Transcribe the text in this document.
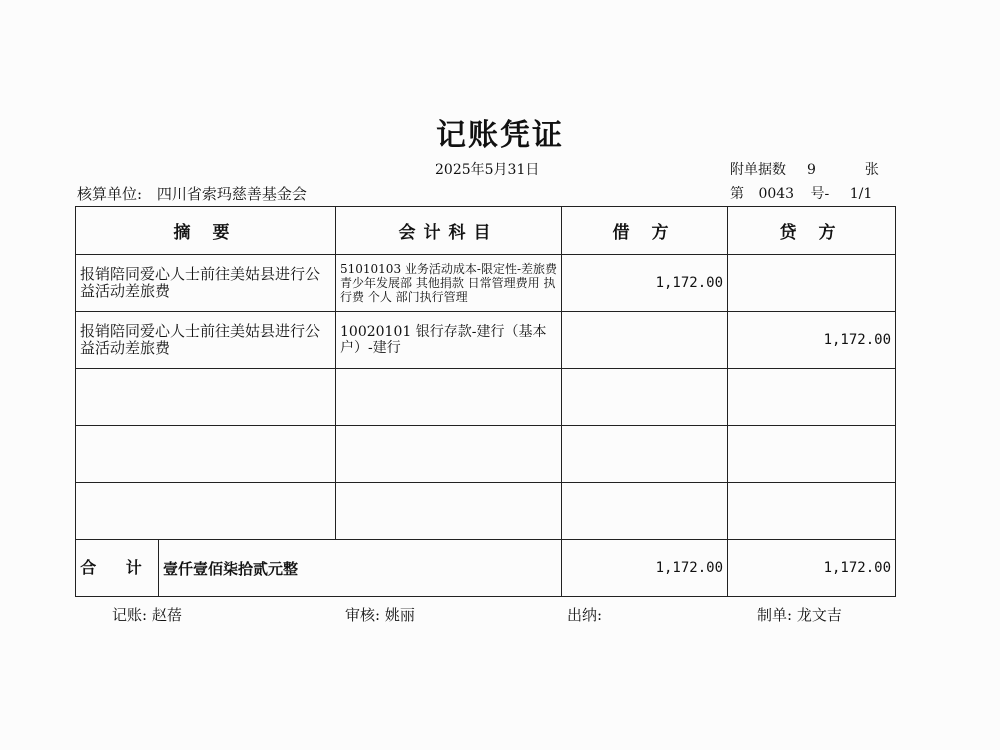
记账凭证
2025年5月31日	附单据数 9	张
核算单位: 四川省索玛慈善基金会	第 0043 号- 1/1
摘 要	会计科目	借 方	贷 方
报销陪同爱心人士前往美姑县进行公益活动差旅费	51010103 业务活动成本-限定性-差旅费 青少年发展部 其他捐款 日常管理费用 执行费 个人 部门执行管理	1,172.00	
报销陪同爱心人士前往美姑县进行公益活动差旅费	10020101 银行存款-建行（基本户）-建行		1,172.00

合 计 壹仟壹佰柒拾贰元整		1,172.00	1,172.00
记账: 赵蓓	审核: 姚丽	出纳:	制单: 龙文吉
